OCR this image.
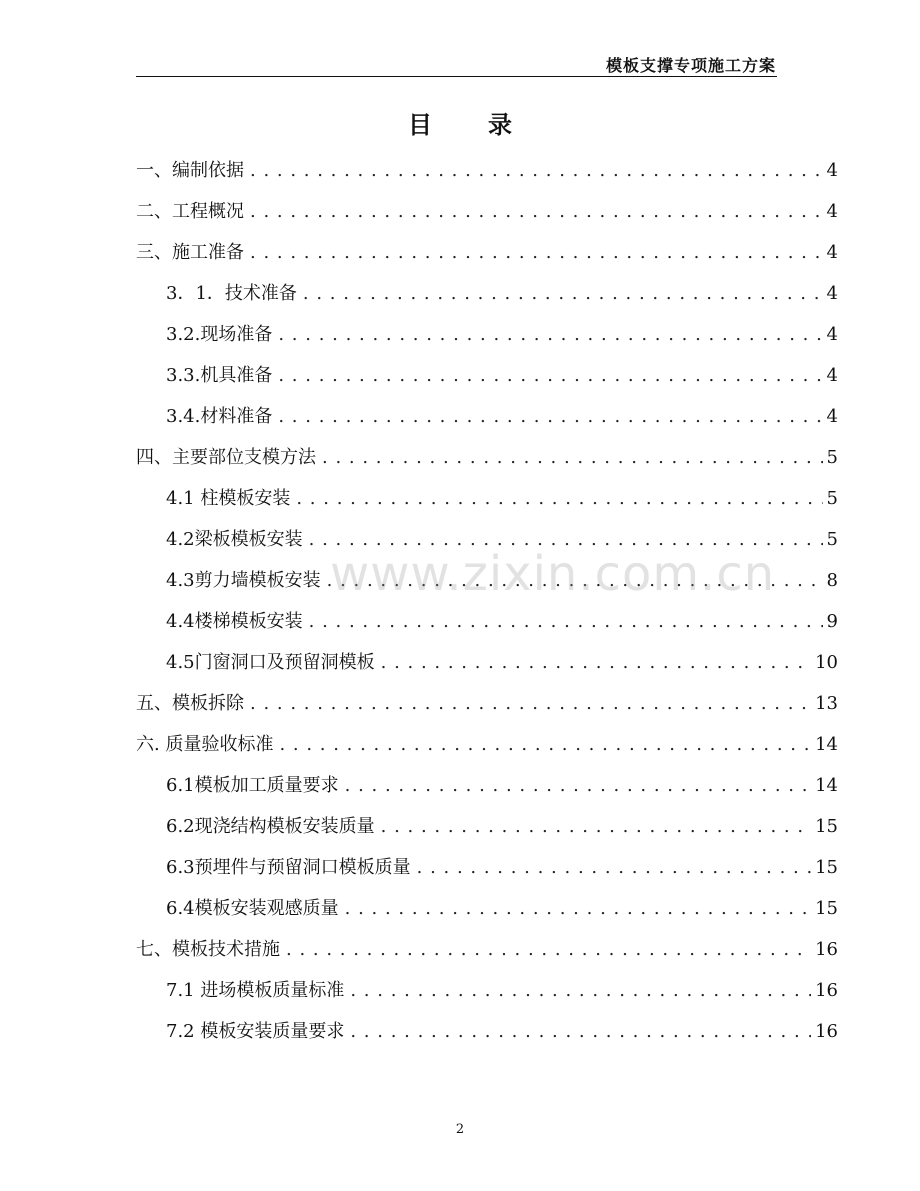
模板支撑专项施工方案
目 录
一、编制依据 . . .	4
二、工程概况 . . .	4
三、施工准备 . . .	4
3．1．技术准备 . . .	4
3.2.现场准备 . . .	4
3.3.机具准备 . . .	4
3.4.材料准备 . . .	4
四、主要部位支模方法 . . .	5
4.1 柱模板安装 . . .	5
4.2梁板模板安装 . . .	5
4.3剪力墙模板安装 . . .	8
4.4楼梯模板安装 . . .	9
4.5门窗洞口及预留洞模板 . . .	10
五、模板拆除 . . .	13
六. 质量验收标准 . . .	14
6.1模板加工质量要求 . . .	14
6.2现浇结构模板安装质量 . . .	15
6.3预埋件与预留洞口模板质量 . . .	15
6.4模板安装观感质量 . . .	15
七、模板技术措施 . . .	16
7.1 进场模板质量标准 . . .	16
7.2 模板安装质量要求 . . .	16
www.zixin.com.cn
2
